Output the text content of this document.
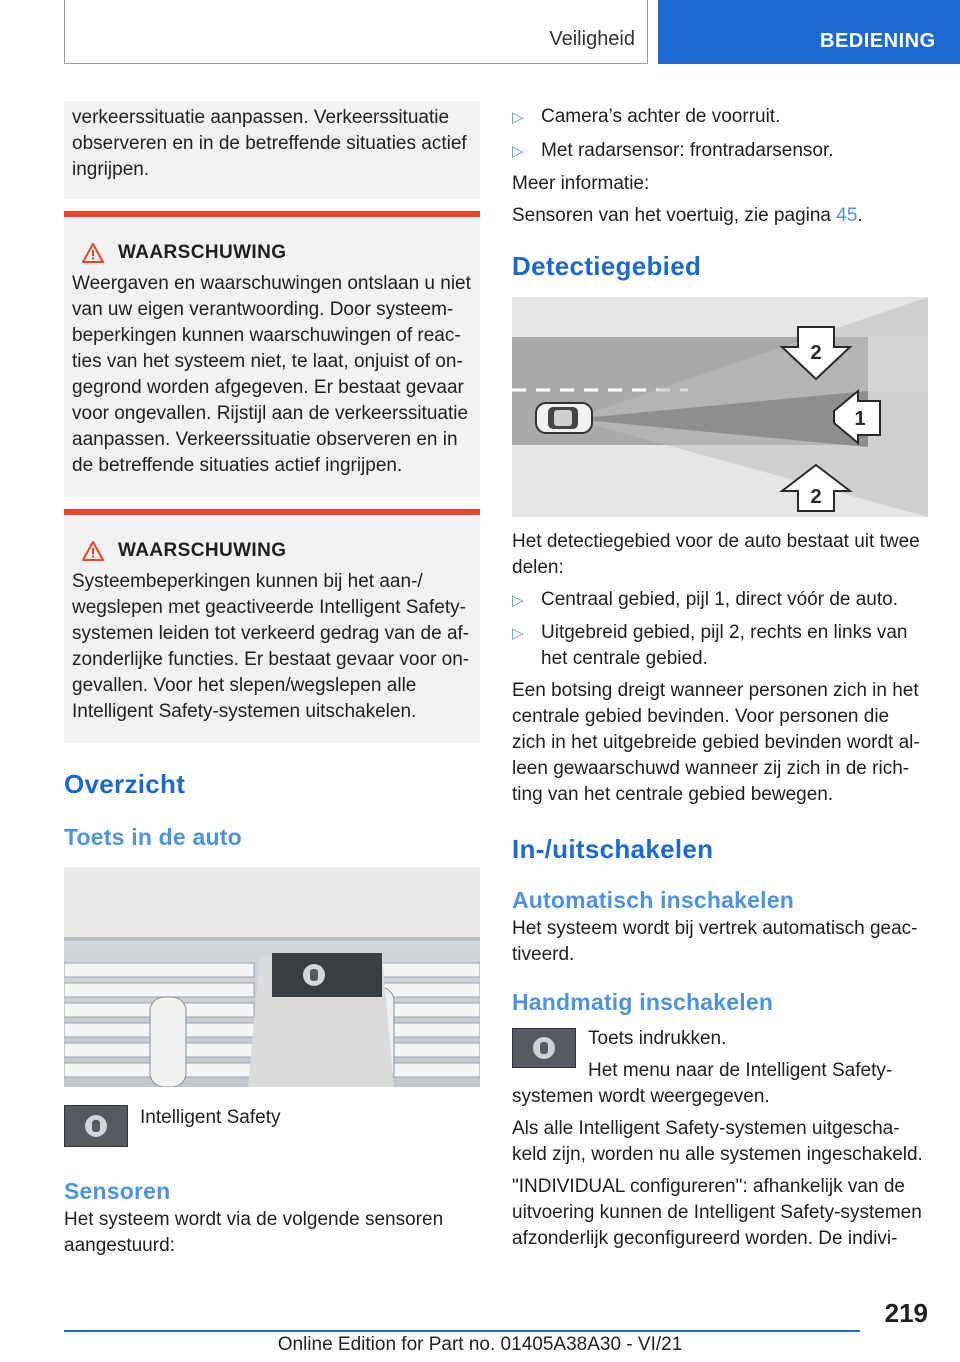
Veiligheid	BEDIENING

verkeerssituatie aanpassen. Verkeerssituatie observeren en in de betreffende situaties actief ingrijpen.

WAARSCHUWING

Weergaven en waarschuwingen ontslaan u niet van uw eigen verantwoording. Door systeembeperkingen kunnen waarschuwingen of reacties van het systeem niet, te laat, onjuist of ongegrond worden afgegeven. Er bestaat gevaar voor ongevallen. Rijstijl aan de verkeerssituatie aanpassen. Verkeerssituatie observeren en in de betreffende situaties actief ingrijpen.

WAARSCHUWING

Systeembeperkingen kunnen bij het aan-/ wegslepen met geactiveerde Intelligent Safety-systemen leiden tot verkeerd gedrag van de afzonderlijke functies. Er bestaat gevaar voor ongevallen. Voor het slepen/wegslepen alle Intelligent Safety-systemen uitschakelen.

Overzicht
Toets in de auto

Intelligent Safety

Sensoren

Het systeem wordt via de volgende sensoren aangestuurd:

▷ Camera’s achter de voorruit.
▷ Met radarsensor: frontradarsensor.

Meer informatie:

Sensoren van het voertuig, zie pagina 45.

Detectiegebied
2
1
2

Het detectiegebied voor de auto bestaat uit twee delen:

▷ Centraal gebied, pijl 1, direct vóór de auto.
▷ Uitgebreid gebied, pijl 2, rechts en links van het centrale gebied.

Een botsing dreigt wanneer personen zich in het centrale gebied bevinden. Voor personen die zich in het uitgebreide gebied bevinden wordt alleen gewaarschuwd wanneer zij zich in de richting van het centrale gebied bewegen.

In-/uitschakelen
Automatisch inschakelen

Het systeem wordt bij vertrek automatisch geactiveerd.

Handmatig inschakelen

Toets indrukken.

Het menu naar de Intelligent Safety-systemen wordt weergegeven.

Als alle Intelligent Safety-systemen uitgeschakeld zijn, worden nu alle systemen ingeschakeld.

"INDIVIDUAL configureren": afhankelijk van de uitvoering kunnen de Intelligent Safety-systemen afzonderlijk geconfigureerd worden. De indivi-

219
Online Edition for Part no. 01405A38A30 - VI/21
